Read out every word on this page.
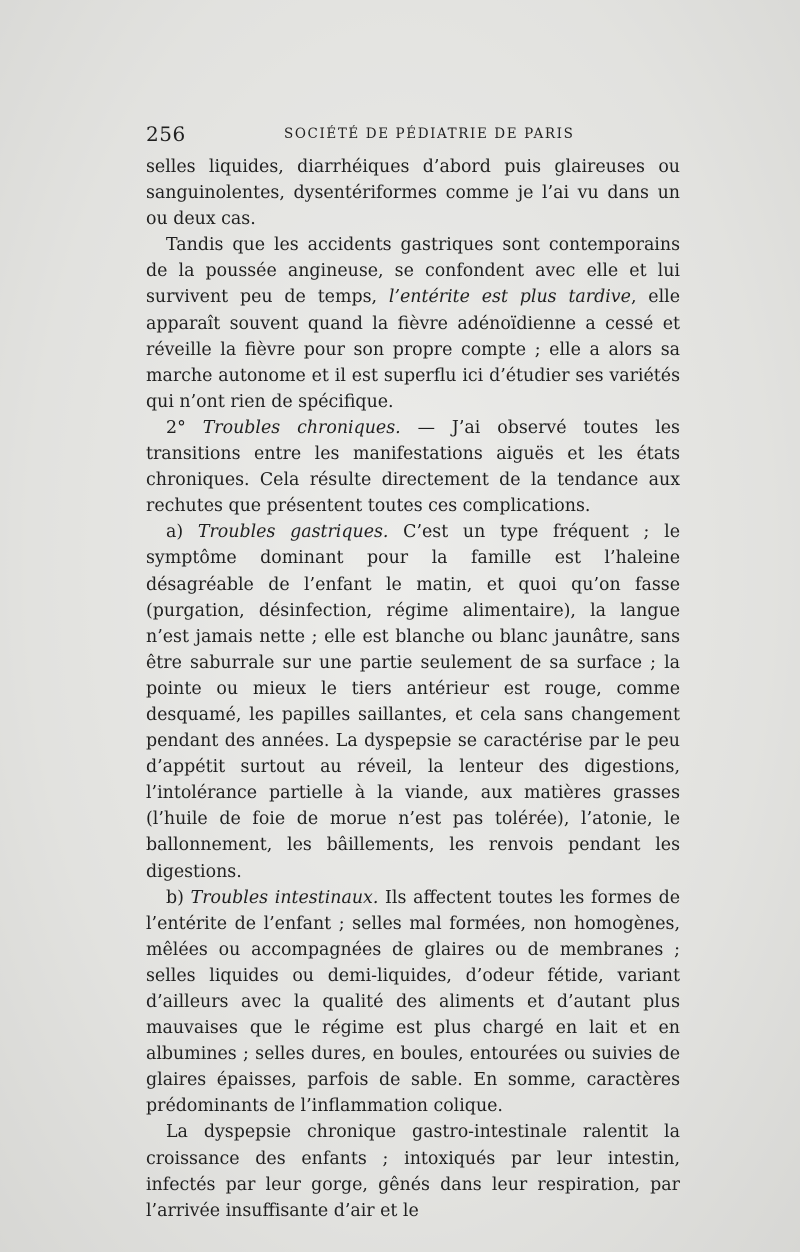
256	SOCIÉTÉ DE PÉDIATRIE DE PARIS

selles liquides, diarrhéiques d’abord puis glaireuses ou sanguinolentes, dysentériformes comme je l’ai vu dans un ou deux cas.

Tandis que les accidents gastriques sont contemporains de la poussée angineuse, se confondent avec elle et lui survivent peu de temps, l’entérite est plus tardive, elle apparaît souvent quand la fièvre adénoïdienne a cessé et réveille la fièvre pour son propre compte ; elle a alors sa marche autonome et il est superflu ici d’étudier ses variétés qui n’ont rien de spécifique.

2° Troubles chroniques. — J’ai observé toutes les transitions entre les manifestations aiguës et les états chroniques. Cela résulte directement de la tendance aux rechutes que présentent toutes ces complications.

a) Troubles gastriques. C’est un type fréquent ; le symptôme dominant pour la famille est l’haleine désagréable de l’enfant le matin, et quoi qu’on fasse (purgation, désinfection, régime alimentaire), la langue n’est jamais nette ; elle est blanche ou blanc jaunâtre, sans être saburrale sur une partie seulement de sa surface ; la pointe ou mieux le tiers antérieur est rouge, comme desquamé, les papilles saillantes, et cela sans changement pendant des années. La dyspepsie se caractérise par le peu d’appétit surtout au réveil, la lenteur des digestions, l’intolérance partielle à la viande, aux matières grasses (l’huile de foie de morue n’est pas tolérée), l’atonie, le ballonnement, les bâillements, les renvois pendant les digestions.

b) Troubles intestinaux. Ils affectent toutes les formes de l’entérite de l’enfant ; selles mal formées, non homogènes, mêlées ou accompagnées de glaires ou de membranes ; selles liquides ou demi-liquides, d’odeur fétide, variant d’ailleurs avec la qualité des aliments et d’autant plus mauvaises que le régime est plus chargé en lait et en albumines ; selles dures, en boules, entourées ou suivies de glaires épaisses, parfois de sable. En somme, caractères prédominants de l’inflammation colique.

La dyspepsie chronique gastro-intestinale ralentit la croissance des enfants ; intoxiqués par leur intestin, infectés par leur gorge, gênés dans leur respiration, par l’arrivée insuffisante d’air et le
